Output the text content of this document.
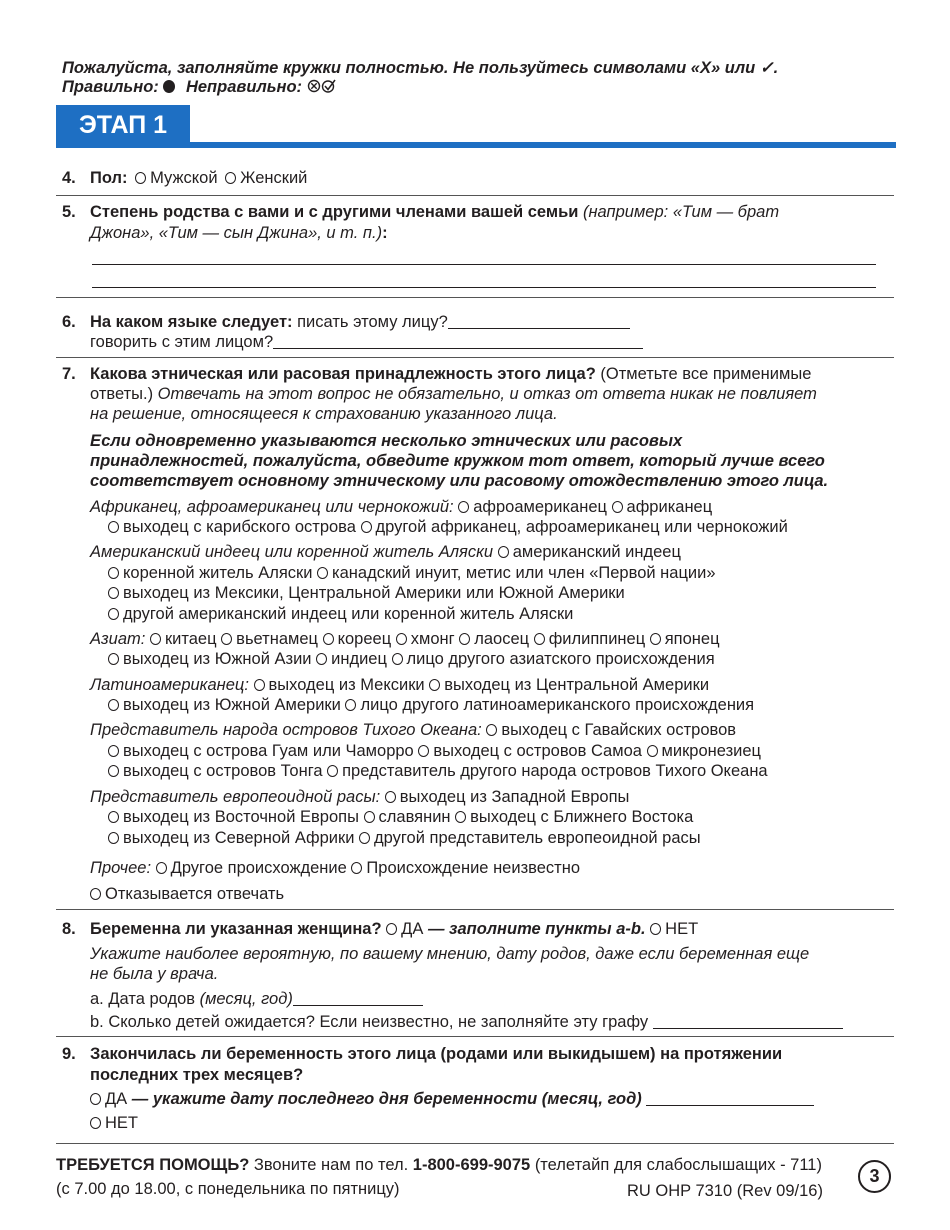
Пожалуйста, заполняйте кружки полностью. Не пользуйтесь символами «X» или ✓.
Правильно: Неправильно:
ЭТАП 1
4. Пол: Мужской Женский
5. Степень родства с вами и с другими членами вашей семьи (например: «Тим — брат
Джона», «Тим — сын Джина», и т. п.):
6. На каком языке следует: писать этому лицу?
говорить с этим лицом?
7. Какова этническая или расовая принадлежность этого лица? (Отметьте все применимые
ответы.) Отвечать на этот вопрос не обязательно, и отказ от ответа никак не повлияет
на решение, относящееся к страхованию указанного лица.
Если одновременно указываются несколько этнических или расовых
принадлежностей, пожалуйста, обведите кружком тот ответ, который лучше всего
соответствует основному этническому или расовому отождествлению этого лица.
Африканец, афроамериканец или чернокожий: афроамериканец африканец
выходец с карибского острова другой африканец, афроамериканец или чернокожий
Американский индеец или коренной житель Аляски американский индеец
коренной житель Аляски канадский инуит, метис или член «Первой нации»
выходец из Мексики, Центральной Америки или Южной Америки
другой американский индеец или коренной житель Аляски
Азиат: китаец вьетнамец кореец хмонг лаосец филиппинец японец
выходец из Южной Азии индиец лицо другого азиатского происхождения
Латиноамериканец: выходец из Мексики выходец из Центральной Америки
выходец из Южной Америки лицо другого латиноамериканского происхождения
Представитель народа островов Тихого Океана: выходец с Гавайских островов
выходец с острова Гуам или Чаморро выходец с островов Самоа микронезиец
выходец с островов Тонга представитель другого народа островов Тихого Океана
Представитель европеоидной расы: выходец из Западной Европы
выходец из Восточной Европы славянин выходец с Ближнего Востока
выходец из Северной Африки другой представитель европеоидной расы
Прочее: Другое происхождение Происхождение неизвестно
Отказывается отвечать
8. Беременна ли указанная женщина? ДА — заполните пункты a-b. НЕТ
Укажите наиболее вероятную, по вашему мнению, дату родов, даже если беременная еще
не была у врача.
a. Дата родов (месяц, год)
b. Сколько детей ожидается? Если неизвестно, не заполняйте эту графу
9. Закончилась ли беременность этого лица (родами или выкидышем) на протяжении
последних трех месяцев?
ДА — укажите дату последнего дня беременности (месяц, год)
НЕТ
ТРЕБУЕТСЯ ПОМОЩЬ? Звоните нам по тел. 1-800-699-9075 (телетайп для слабослышащих - 711)
(с 7.00 до 18.00, с понедельника по пятницу)	RU OHP 7310 (Rev 09/16)
3
